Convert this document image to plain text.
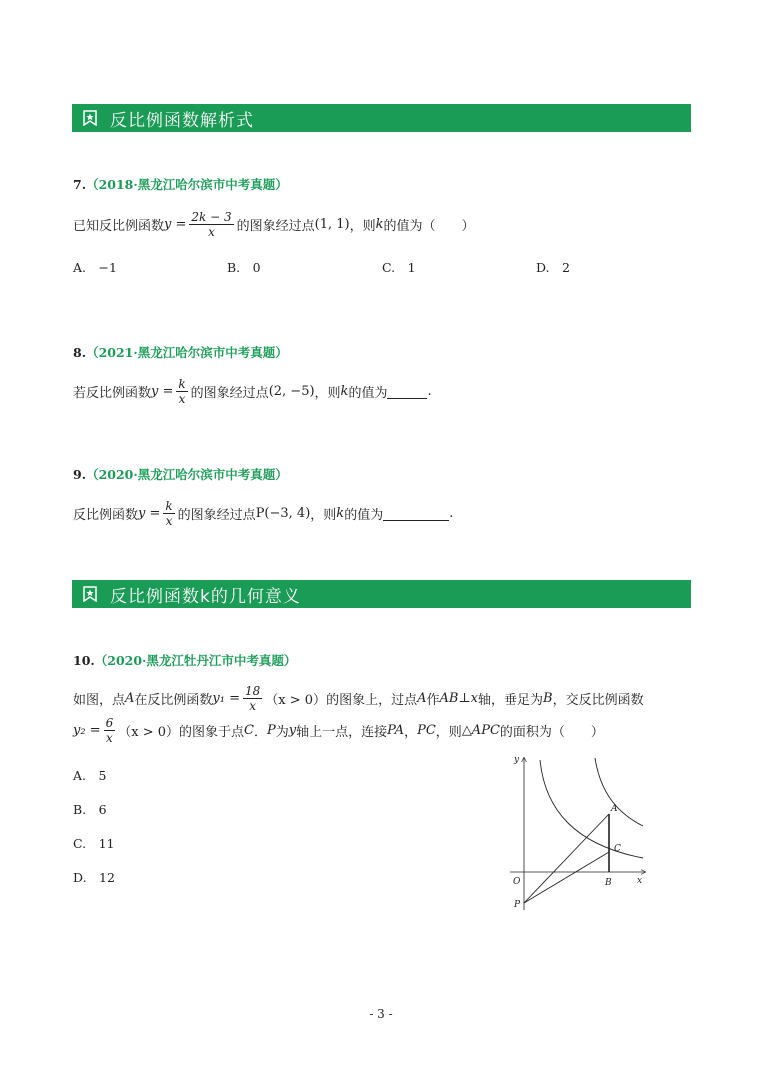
反比例函数解析式
7.（2018·黑龙江哈尔滨市中考真题）
已知反比例函数 $y = \frac{2k - 3}{x}$ 的图象经过点 (1, 1) ，则 k 的值为（　　）
A.　−1	B.　0	C.　1	D.　2
8.（2021·黑龙江哈尔滨市中考真题）
若反比例函数 $y = \frac{k}{x}$ 的图象经过点 (2, −5) ，则 k 的值为	.
9.（2020·黑龙江哈尔滨市中考真题）
反比例函数 $y = \frac{k}{x}$ 的图象经过点 P(−3, 4) ，则 k 的值为	.
反比例函数k的几何意义
10.（2020·黑龙江牡丹江市中考真题）
如图，点 A 在反比例函数 $y_1 = \frac{18}{x} (x > 0)$ 的图象上，过点 A 作 AB⊥x 轴，垂足为 B ，交反比例函数
$y_2 = \frac{6}{x} (x > 0)$ 的图象于点 C ． P 为 y 轴上一点，连接 PA ， PC ，则 △APC 的面积为（　　）
A.　5
B.　6
C.　11
D.　12
y
x
O
A
B
C
P
- 3 -
